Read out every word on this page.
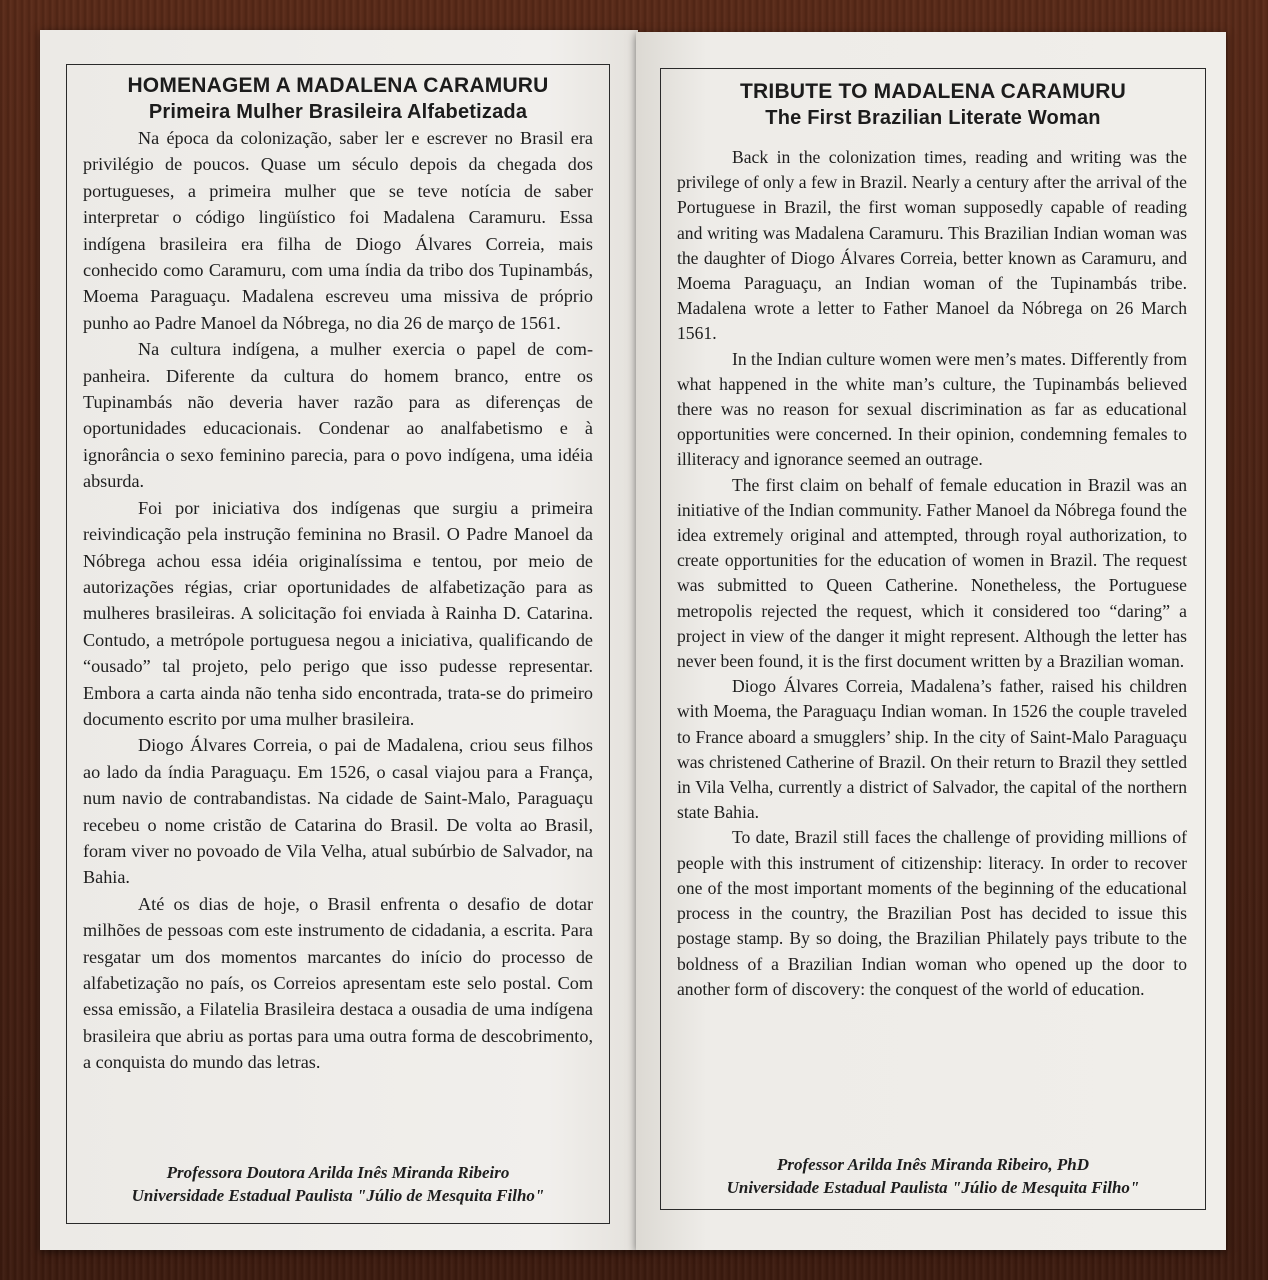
HOMENAGEM A MADALENA CARAMURU
Primeira Mulher Brasileira Alfabetizada

Na época da colonização, saber ler e escrever no Brasil era privilégio de poucos. Quase um século depois da chegada dos portugueses, a primeira mulher que se teve notícia de saber interpretar o código lingüístico foi Madalena Caramuru. Essa indígena brasileira era filha de Diogo Álvares Correia, mais conhecido como Caramuru, com uma índia da tribo dos Tupinambás, Moema Paraguaçu. Madalena escreveu uma missiva de próprio punho ao Padre Manoel da Nóbrega, no dia 26 de março de 1561.

Na cultura indígena, a mulher exercia o papel de companheira. Diferente da cultura do homem branco, entre os Tupinambás não deveria haver razão para as diferenças de oportunidades educacionais. Condenar ao analfabetismo e à ignorância o sexo feminino parecia, para o povo indígena, uma idéia absurda.

Foi por iniciativa dos indígenas que surgiu a primeira reivindicação pela instrução feminina no Brasil. O Padre Manoel da Nóbrega achou essa idéia originalíssima e tentou, por meio de autorizações régias, criar oportunidades de alfabetização para as mulheres brasileiras. A solicitação foi enviada à Rainha D. Catarina. Contudo, a metrópole portuguesa negou a iniciativa, qualificando de “ousado” tal projeto, pelo perigo que isso pudesse representar. Embora a carta ainda não tenha sido encontrada, trata-se do primeiro documento escrito por uma mulher brasileira.

Diogo Álvares Correia, o pai de Madalena, criou seus filhos ao lado da índia Paraguaçu. Em 1526, o casal viajou para a França, num navio de contrabandistas. Na cidade de Saint-Malo, Paraguaçu recebeu o nome cristão de Catarina do Brasil. De volta ao Brasil, foram viver no povoado de Vila Velha, atual subúrbio de Salvador, na Bahia.

Até os dias de hoje, o Brasil enfrenta o desafio de dotar milhões de pessoas com este instrumento de cidadania, a escrita. Para resgatar um dos momentos marcantes do início do processo de alfabetização no país, os Correios apresentam este selo postal. Com essa emissão, a Filatelia Brasileira destaca a ousadia de uma indígena brasileira que abriu as portas para uma outra forma de descobrimento, a conquista do mundo das letras.

Professora Doutora Arilda Inês Miranda Ribeiro
Universidade Estadual Paulista "Júlio de Mesquita Filho"
TRIBUTE TO MADALENA CARAMURU
The First Brazilian Literate Woman

Back in the colonization times, reading and writing was the privilege of only a few in Brazil. Nearly a century after the arrival of the Portuguese in Brazil, the first woman supposedly capable of reading and writing was Madalena Caramuru. This Brazilian Indian woman was the daughter of Diogo Álvares Correia, better known as Caramuru, and Moema Paraguaçu, an Indian woman of the Tupinambás tribe. Madalena wrote a letter to Father Manoel da Nóbrega on 26 March 1561.

In the Indian culture women were men’s mates. Differently from what happened in the white man’s culture, the Tupinambás believed there was no reason for sexual discrimination as far as educational opportunities were concerned. In their opinion, condemning females to illiteracy and ignorance seemed an outrage.

The first claim on behalf of female education in Brazil was an initiative of the Indian community. Father Manoel da Nóbrega found the idea extremely original and attempted, through royal authorization, to create opportunities for the education of women in Brazil. The request was submitted to Queen Catherine. Nonetheless, the Portuguese metropolis rejected the request, which it considered too “daring” a project in view of the danger it might represent. Although the letter has never been found, it is the first document written by a Brazilian woman.

Diogo Álvares Correia, Madalena’s father, raised his children with Moema, the Paraguaçu Indian woman. In 1526 the couple traveled to France aboard a smugglers’ ship. In the city of Saint-Malo Paraguaçu was christened Catherine of Brazil. On their return to Brazil they settled in Vila Velha, currently a district of Salvador, the capital of the northern state Bahia.

To date, Brazil still faces the challenge of providing millions of people with this instrument of citizenship: literacy. In order to recover one of the most important moments of the beginning of the educational process in the country, the Brazilian Post has decided to issue this postage stamp. By so doing, the Brazilian Philately pays tribute to the boldness of a Brazilian Indian woman who opened up the door to another form of discovery: the conquest of the world of education.

Professor Arilda Inês Miranda Ribeiro, PhD
Universidade Estadual Paulista "Júlio de Mesquita Filho"
